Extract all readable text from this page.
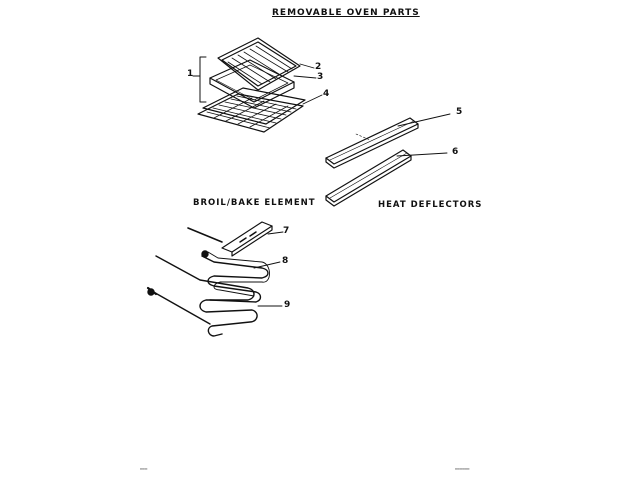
REMOVABLE OVEN PARTS
BROIL/BAKE ELEMENT	HEAT DEFLECTORS
1
2
3
4
5
6
7
8
9
▬▬▬	▬▬▬▬▬▬
